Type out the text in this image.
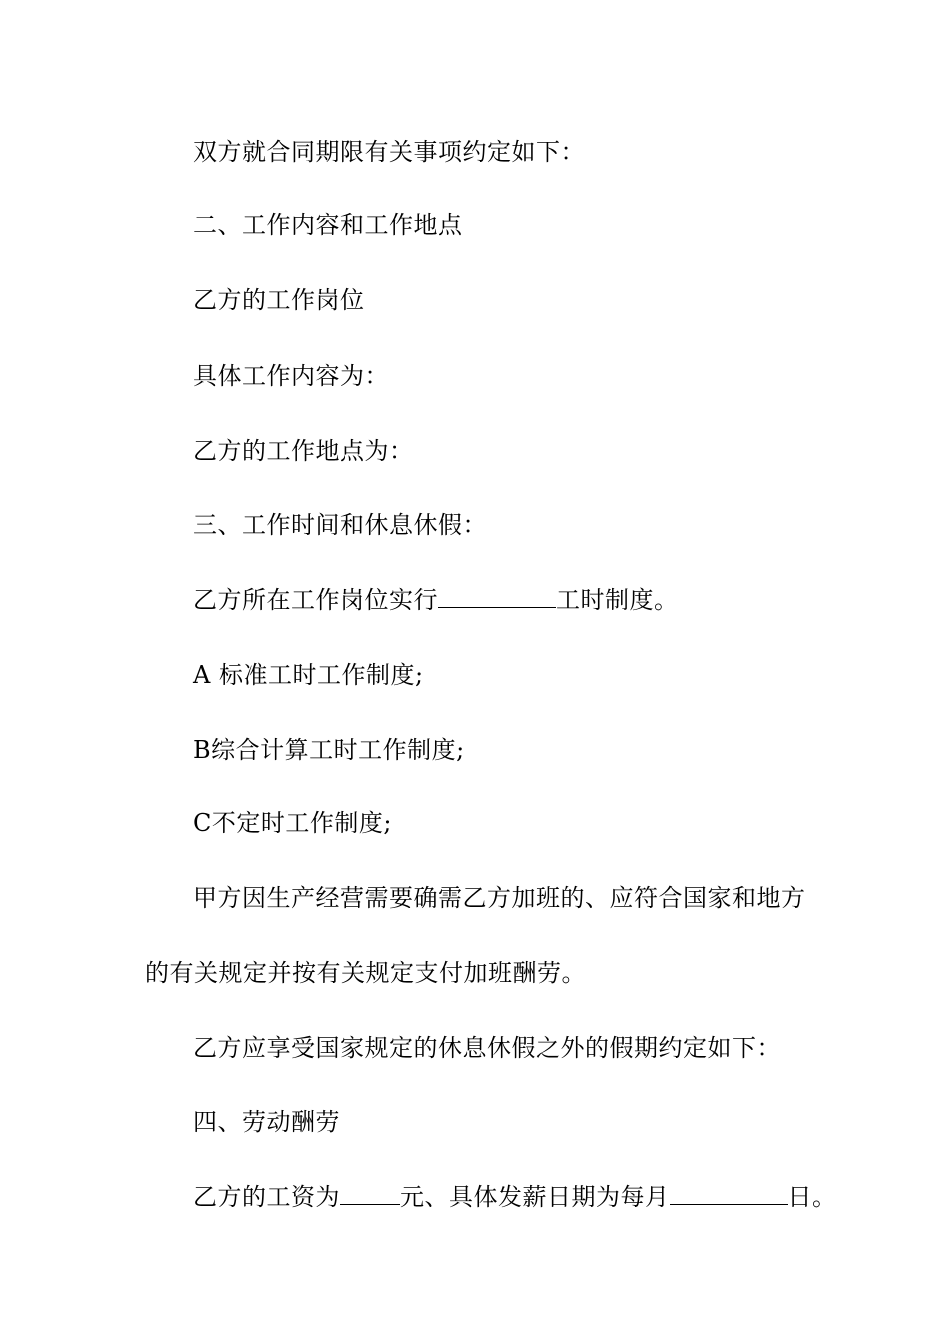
双方就合同期限有关事项约定如下：
二、工作内容和工作地点
乙方的工作岗位
具体工作内容为：
乙方的工作地点为：
三、工作时间和休息休假：
乙方所在工作岗位实行	工时制度。
A 标准工时工作制度;
B综合计算工时工作制度;
C不定时工作制度;
甲方因生产经营需要确需乙方加班的、应符合国家和地方
的有关规定并按有关规定支付加班酬劳。
乙方应享受国家规定的休息休假之外的假期约定如下：
四、劳动酬劳
乙方的工资为	元、具体发薪日期为每月	日。
